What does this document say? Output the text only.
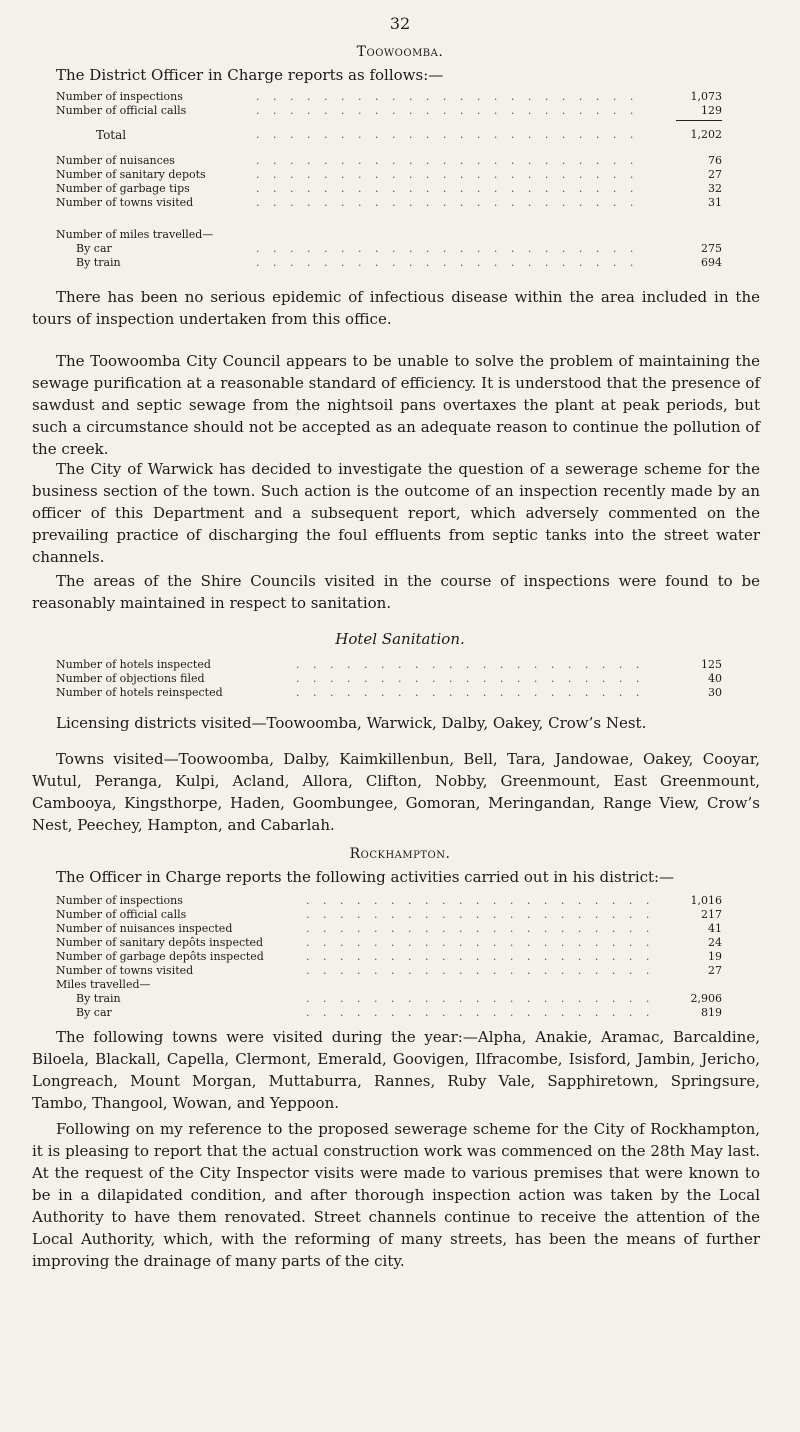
32
Toowoomba.
The District Officer in Charge reports as follows:—
Number of inspections	. . . . . . . . . . . . . . . . . . . . . . .	1,073
Number of official calls	. . . . . . . . . . . . . . . . . . . . . . .	129
Total	. . . . . . . . . . . . . . . . . . . . . . .	1,202
Number of nuisances	. . . . . . . . . . . . . . . . . . . . . . .	76
Number of sanitary depots	. . . . . . . . . . . . . . . . . . . . . . .	27
Number of garbage tips	. . . . . . . . . . . . . . . . . . . . . . .	32
Number of towns visited	. . . . . . . . . . . . . . . . . . . . . . .	31
Number of miles travelled—
By car	. . . . . . . . . . . . . . . . . . . . . . .	275
By train	. . . . . . . . . . . . . . . . . . . . . . .	694
There has been no serious epidemic of infectious disease within the area included in the tours of inspection undertaken from this office.
The Toowoomba City Council appears to be unable to solve the problem of maintaining the sewage purification at a reasonable standard of efficiency. It is understood that the presence of sawdust and septic sewage from the nightsoil pans overtaxes the plant at peak periods, but such a circumstance should not be accepted as an adequate reason to continue the pollution of the creek.
The City of Warwick has decided to investigate the question of a sewerage scheme for the business section of the town. Such action is the outcome of an inspection recently made by an officer of this Department and a subsequent report, which adversely commented on the prevailing practice of discharging the foul effluents from septic tanks into the street water channels.
The areas of the Shire Councils visited in the course of inspections were found to be reasonably maintained in respect to sanitation.
Hotel Sanitation.
Number of hotels inspected	. . . . . . . . . . . . . . . . . . . . .	125
Number of objections filed	. . . . . . . . . . . . . . . . . . . . .	40
Number of hotels reinspected	. . . . . . . . . . . . . . . . . . . . .	30
Licensing districts visited—Toowoomba, Warwick, Dalby, Oakey, Crow’s Nest.
Towns visited—Toowoomba, Dalby, Kaimkillenbun, Bell, Tara, Jandowae, Oakey, Cooyar, Wutul, Peranga, Kulpi, Acland, Allora, Clifton, Nobby, Greenmount, East Greenmount, Cambooya, Kingsthorpe, Haden, Goombungee, Gomoran, Meringandan, Range View, Crow’s Nest, Peechey, Hampton, and Cabarlah.
Rockhampton.
The Officer in Charge reports the following activities carried out in his district:—
Number of inspections	. . . . . . . . . . . . . . . . . . . . .	1,016
Number of official calls	. . . . . . . . . . . . . . . . . . . . .	217
Number of nuisances inspected	. . . . . . . . . . . . . . . . . . . . .	41
Number of sanitary depôts inspected	. . . . . . . . . . . . . . . . . . . . .	24
Number of garbage depôts inspected	. . . . . . . . . . . . . . . . . . . . .	19
Number of towns visited	. . . . . . . . . . . . . . . . . . . . .	27
Miles travelled—
By train	. . . . . . . . . . . . . . . . . . . . .	2,906
By car	. . . . . . . . . . . . . . . . . . . . .	819
The following towns were visited during the year:—Alpha, Anakie, Aramac, Barcaldine, Biloela, Blackall, Capella, Clermont, Emerald, Goovigen, Ilfracombe, Isisford, Jambin, Jericho, Longreach, Mount Morgan, Muttaburra, Rannes, Ruby Vale, Sapphiretown, Springsure, Tambo, Thangool, Wowan, and Yeppoon.
Following on my reference to the proposed sewerage scheme for the City of Rockhampton, it is pleasing to report that the actual construction work was commenced on the 28th May last. At the request of the City Inspector visits were made to various premises that were known to be in a dilapidated condition, and after thorough inspection action was taken by the Local Authority to have them renovated. Street channels continue to receive the attention of the Local Authority, which, with the reforming of many streets, has been the means of further improving the drainage of many parts of the city.
